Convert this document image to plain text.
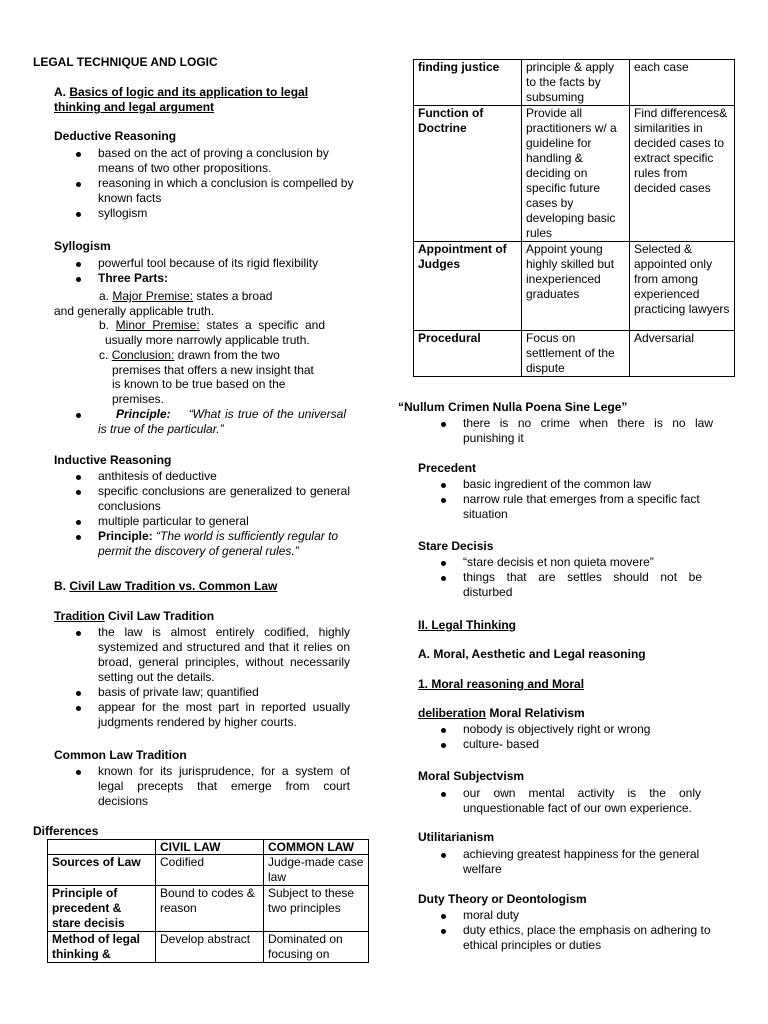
LEGAL TECHNIQUE AND LOGIC
A. Basics of logic and its application to legal thinking and legal argument
Deductive Reasoning
based on the act of proving a conclusion by means of two other propositions.
reasoning in which a conclusion is compelled by known facts
syllogism
Syllogism
powerful tool because of its rigid flexibility
Three Parts:
a. Major Premise: states a broad
and generally applicable truth.
b. Minor Premise: states a specific and
usually more narrowly applicable truth.
c. Conclusion: drawn from the two
premises that offers a new insight that
is known to be true based on the
premises.
Principle: “What is true of the universal is true of the particular.”
Inductive Reasoning
anthitesis of deductive
specific conclusions are generalized to general conclusions
multiple particular to general
Principle: “The world is sufficiently regular to permit the discovery of general rules.”
B. Civil Law Tradition vs. Common Law
Tradition Civil Law Tradition
the law is almost entirely codified, highly systemized and structured and that it relies on broad, general principles, without necessarily setting out the details.
basis of private law; quantified
appear for the most part in reported usually judgments rendered by higher courts.
Common Law Tradition
known for its jurisprudence, for a system of legal precepts that emerge from court decisions
Differences
	CIVIL LAW	COMMON LAW
Sources of Law	Codified	Judge-made case law
Principle of precedent & stare decisis	Bound to codes & reason	Subject to these two principles
Method of legal thinking &	Develop abstract	Dominated on focusing on
finding justice	principle & apply to the facts by subsuming	each case
Function of Doctrine	Provide all practitioners w/ a guideline for handling & deciding on specific future cases by developing basic rules	Find differences& similarities in decided cases to extract specific rules from decided cases
Appointment of Judges	Appoint young highly skilled but inexperienced graduates	Selected & appointed only from among experienced practicing lawyers
Procedural	Focus on settlement of the dispute	Adversarial
“Nullum Crimen Nulla Poena Sine Lege”
there is no crime when there is no law punishing it
Precedent
basic ingredient of the common law
narrow rule that emerges from a specific fact situation
Stare Decisis
“stare decisis et non quieta movere”
things that are settles should not be disturbed
II. Legal Thinking
A. Moral, Aesthetic and Legal reasoning
1. Moral reasoning and Moral
deliberation Moral Relativism
nobody is objectively right or wrong
culture- based
Moral Subjectvism
our own mental activity is the only unquestionable fact of our own experience.
Utilitarianism
achieving greatest happiness for the general welfare
Duty Theory or Deontologism
moral duty
duty ethics, place the emphasis on adhering to ethical principles or duties
